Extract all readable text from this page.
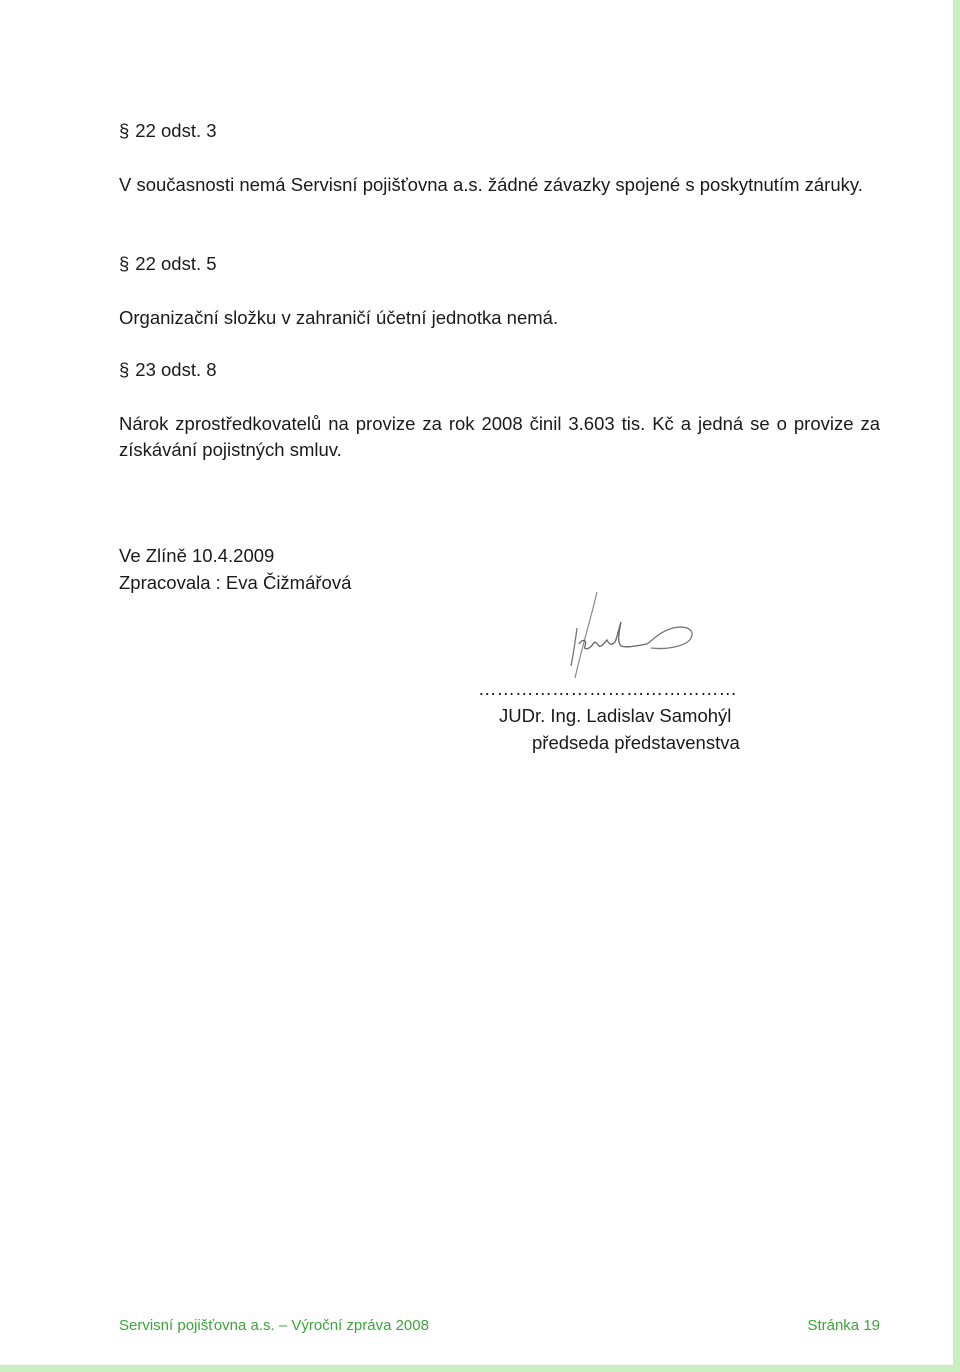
§ 22 odst. 3
V současnosti nemá Servisní pojišťovna a.s. žádné závazky spojené s poskytnutím záruky.
§ 22 odst. 5
Organizační složku v zahraničí účetní jednotka nemá.
§ 23 odst. 8
Nárok zprostředkovatelů na provize za rok 2008 činil 3.603 tis. Kč a jedná se o provize za získávání pojistných smluv.
Ve Zlíně 10.4.2009
Zpracovala : Eva Čižmářová
……………………………………
JUDr. Ing. Ladislav Samohýl
předseda představenstva
Servisní pojišťovna a.s. – Výroční zpráva 2008	Stránka 19
